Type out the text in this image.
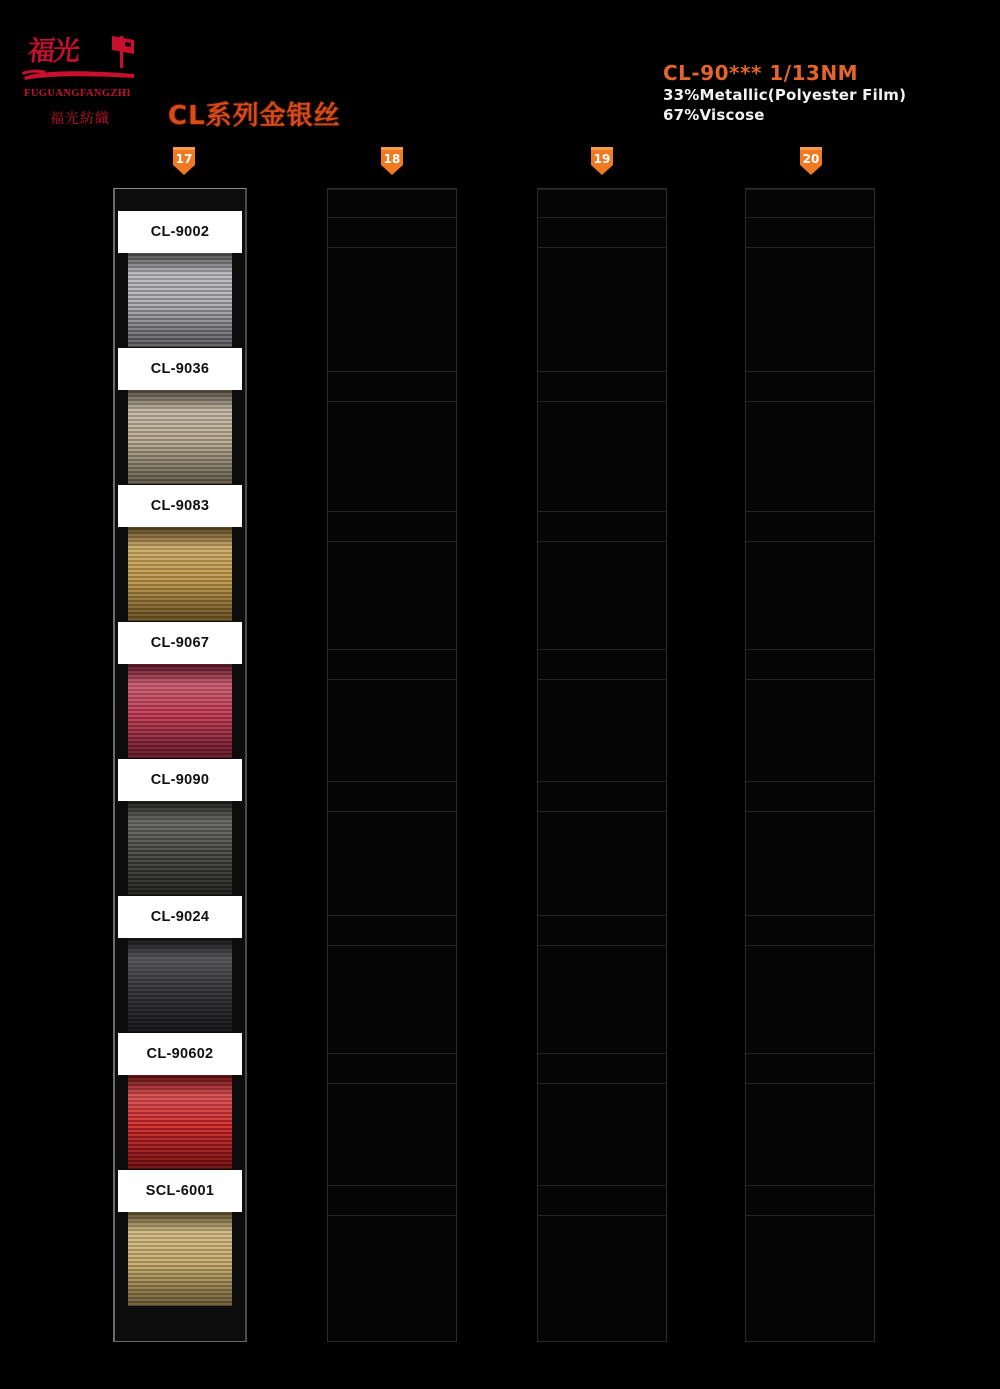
福光
FUGUANGFANGZHI
福光紡織 CL系列金银丝
CL-90*** 1/13NM
33%Metallic(Polyester Film)
67%Viscose
17	18	19	20
CL-9002
CL-9036
CL-9083
CL-9067
CL-9090
CL-9024
CL-90602
SCL-6001
